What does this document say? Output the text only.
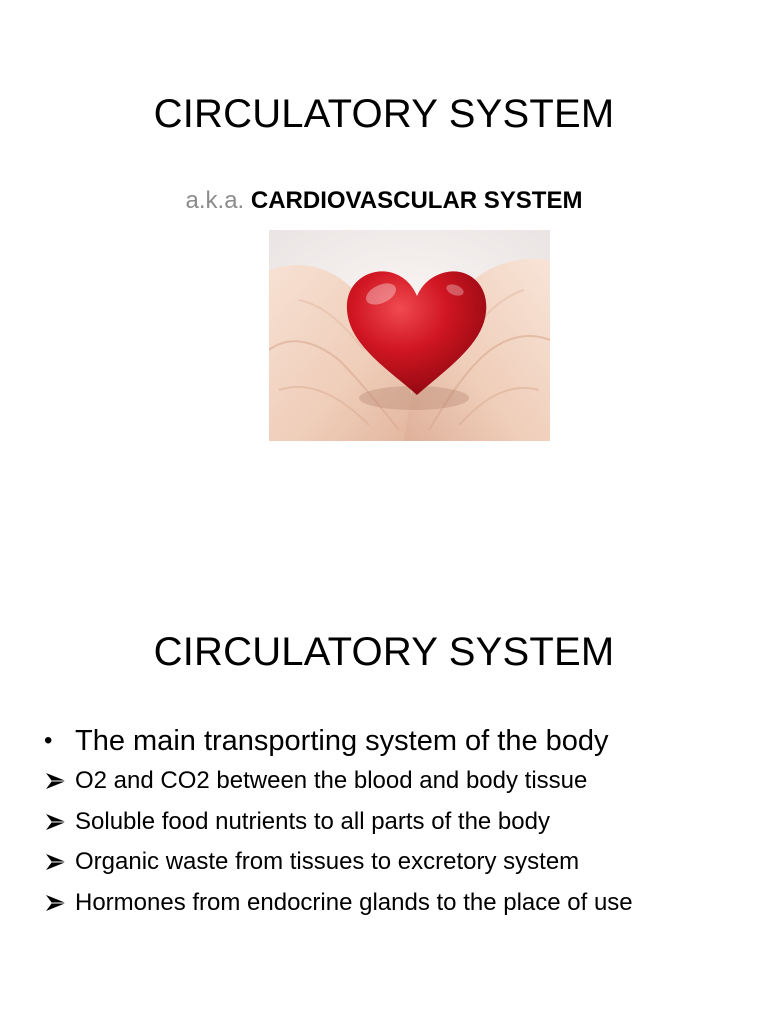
CIRCULATORY SYSTEM
a.k.a. CARDIOVASCULAR SYSTEM
CIRCULATORY SYSTEM
• The main transporting system of the body
O2 and CO2 between the blood and body tissue
Soluble food nutrients to all parts of the body
Organic waste from tissues to excretory system
Hormones from endocrine glands to the place of use
